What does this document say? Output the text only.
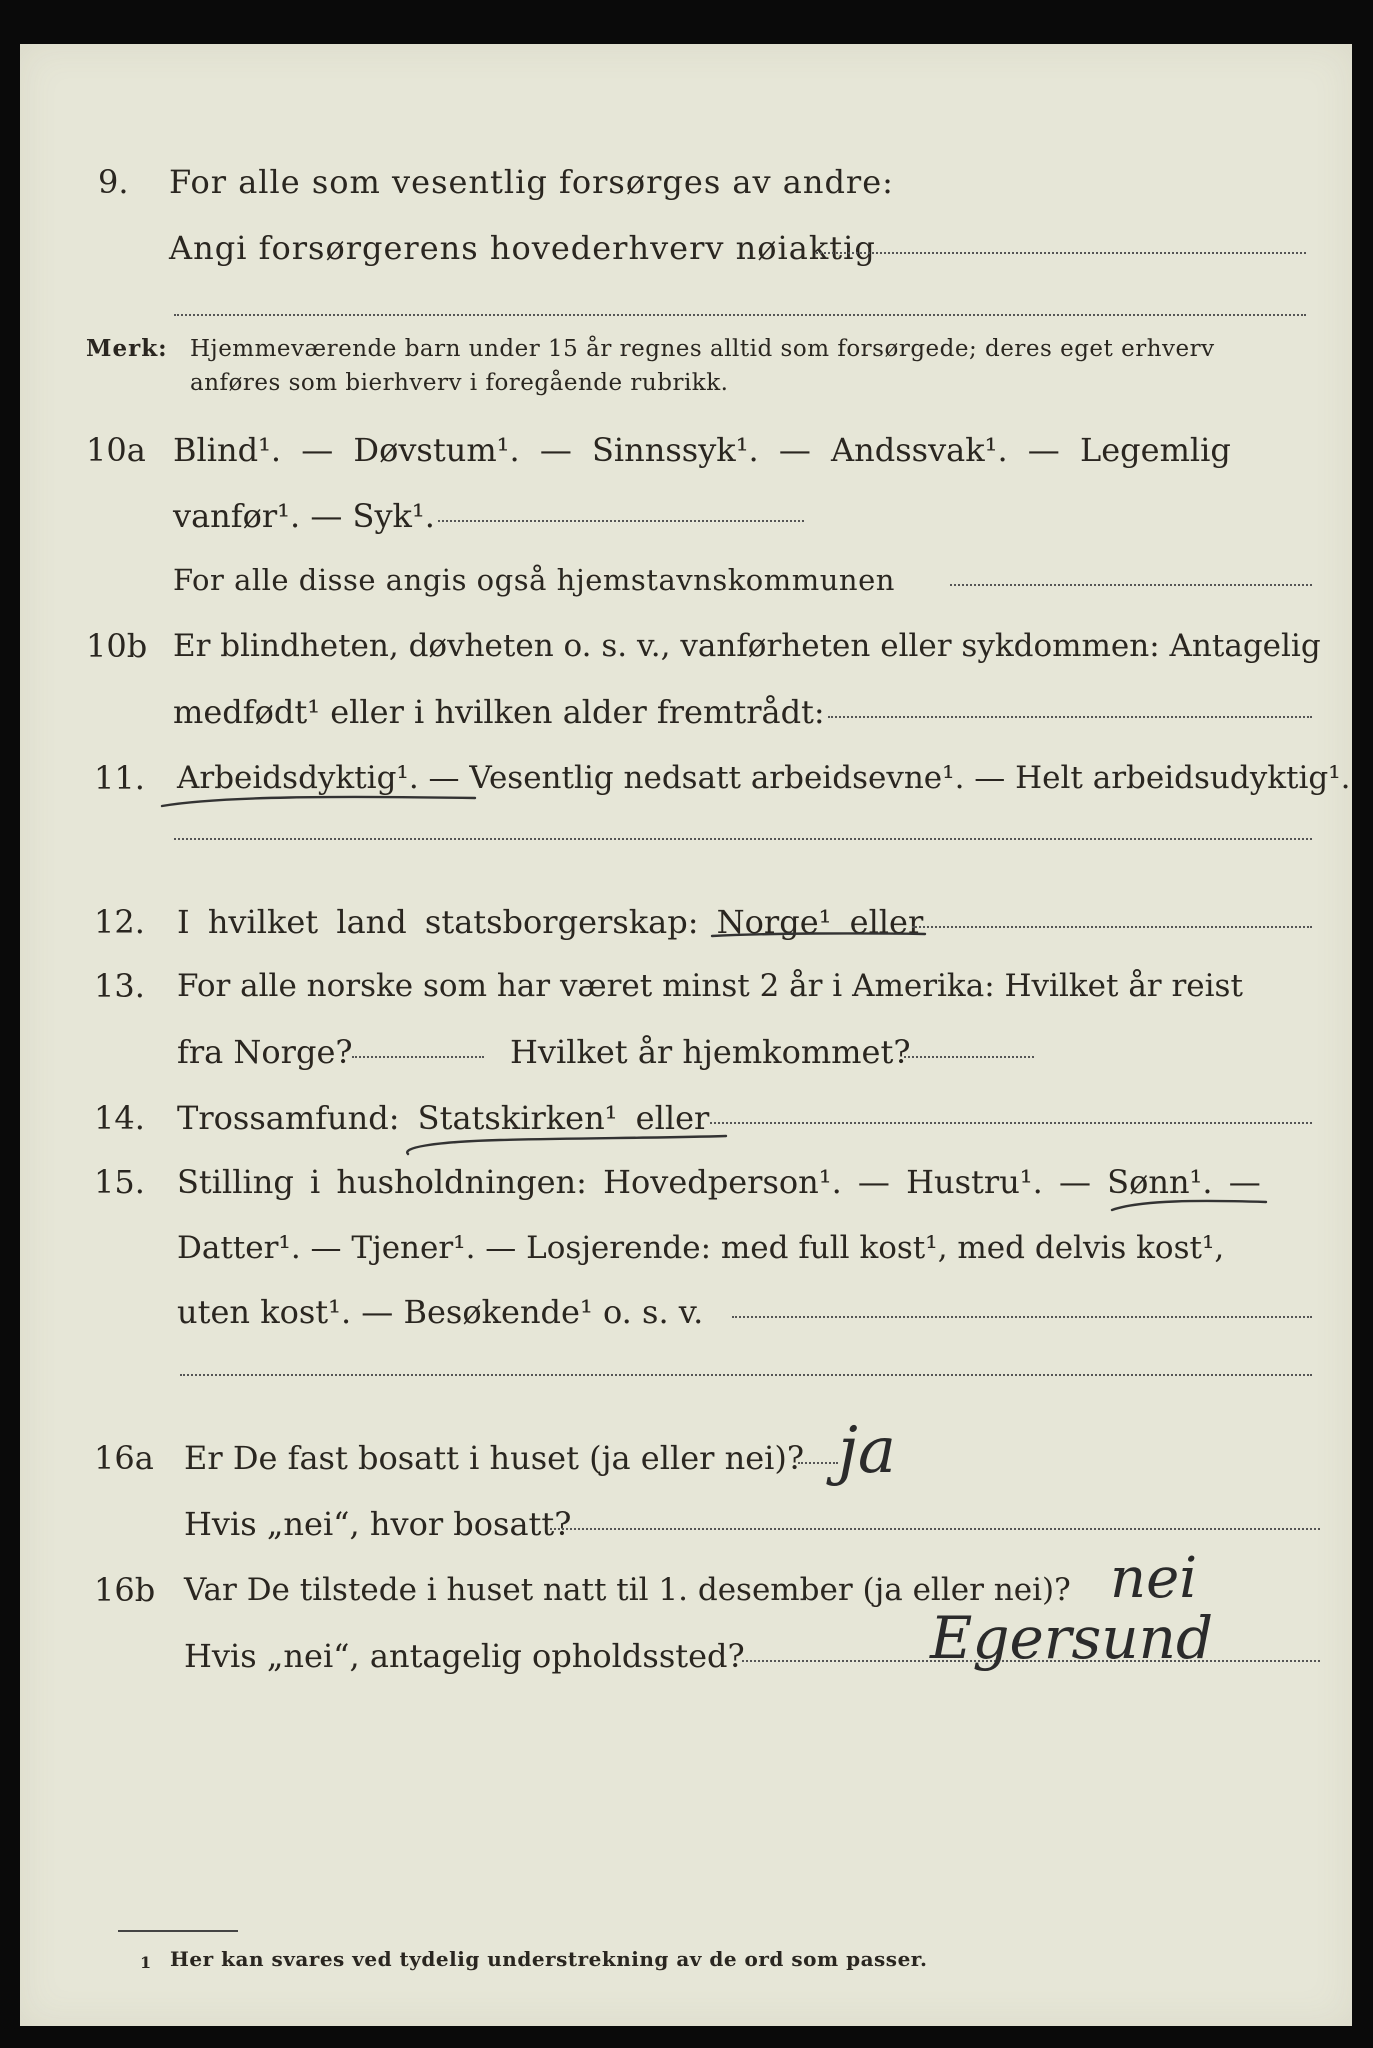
9. For alle som vesentlig forsørges av andre:
Angi forsørgerens hovederhverv nøiaktig
Merk: Hjemmeværende barn under 15 år regnes alltid som forsørgede; deres eget erhverv
anføres som bierhverv i foregående rubrikk.
10a Blind¹. — Døvstum¹. — Sinnssyk¹. — Andssvak¹. — Legemlig
vanfør¹. — Syk¹.
For alle disse angis også hjemstavnskommunen
10b Er blindheten, døvheten o. s. v., vanførheten eller sykdommen: Antagelig
medfødt¹ eller i hvilken alder fremtrådt:
11. Arbeidsdyktig¹. — Vesentlig nedsatt arbeidsevne¹. — Helt arbeidsudyktig¹.
12. I hvilket land statsborgerskap: Norge¹ eller
13. For alle norske som har været minst 2 år i Amerika: Hvilket år reist
fra Norge?	Hvilket år hjemkommet?
14. Trossamfund: Statskirken¹ eller
15. Stilling i husholdningen: Hovedperson¹. — Hustru¹. — Sønn¹. —
Datter¹. — Tjener¹. — Losjerende: med full kost¹, med delvis kost¹,
uten kost¹. — Besøkende¹ o. s. v.
16a Er De fast bosatt i huset (ja eller nei)? ja
Hvis „nei“, hvor bosatt?
16b Var De tilstede i huset natt til 1. desember (ja eller nei)? nei
Hvis „nei“, antagelig opholdssted?	Egersund
1 Her kan svares ved tydelig understrekning av de ord som passer.
